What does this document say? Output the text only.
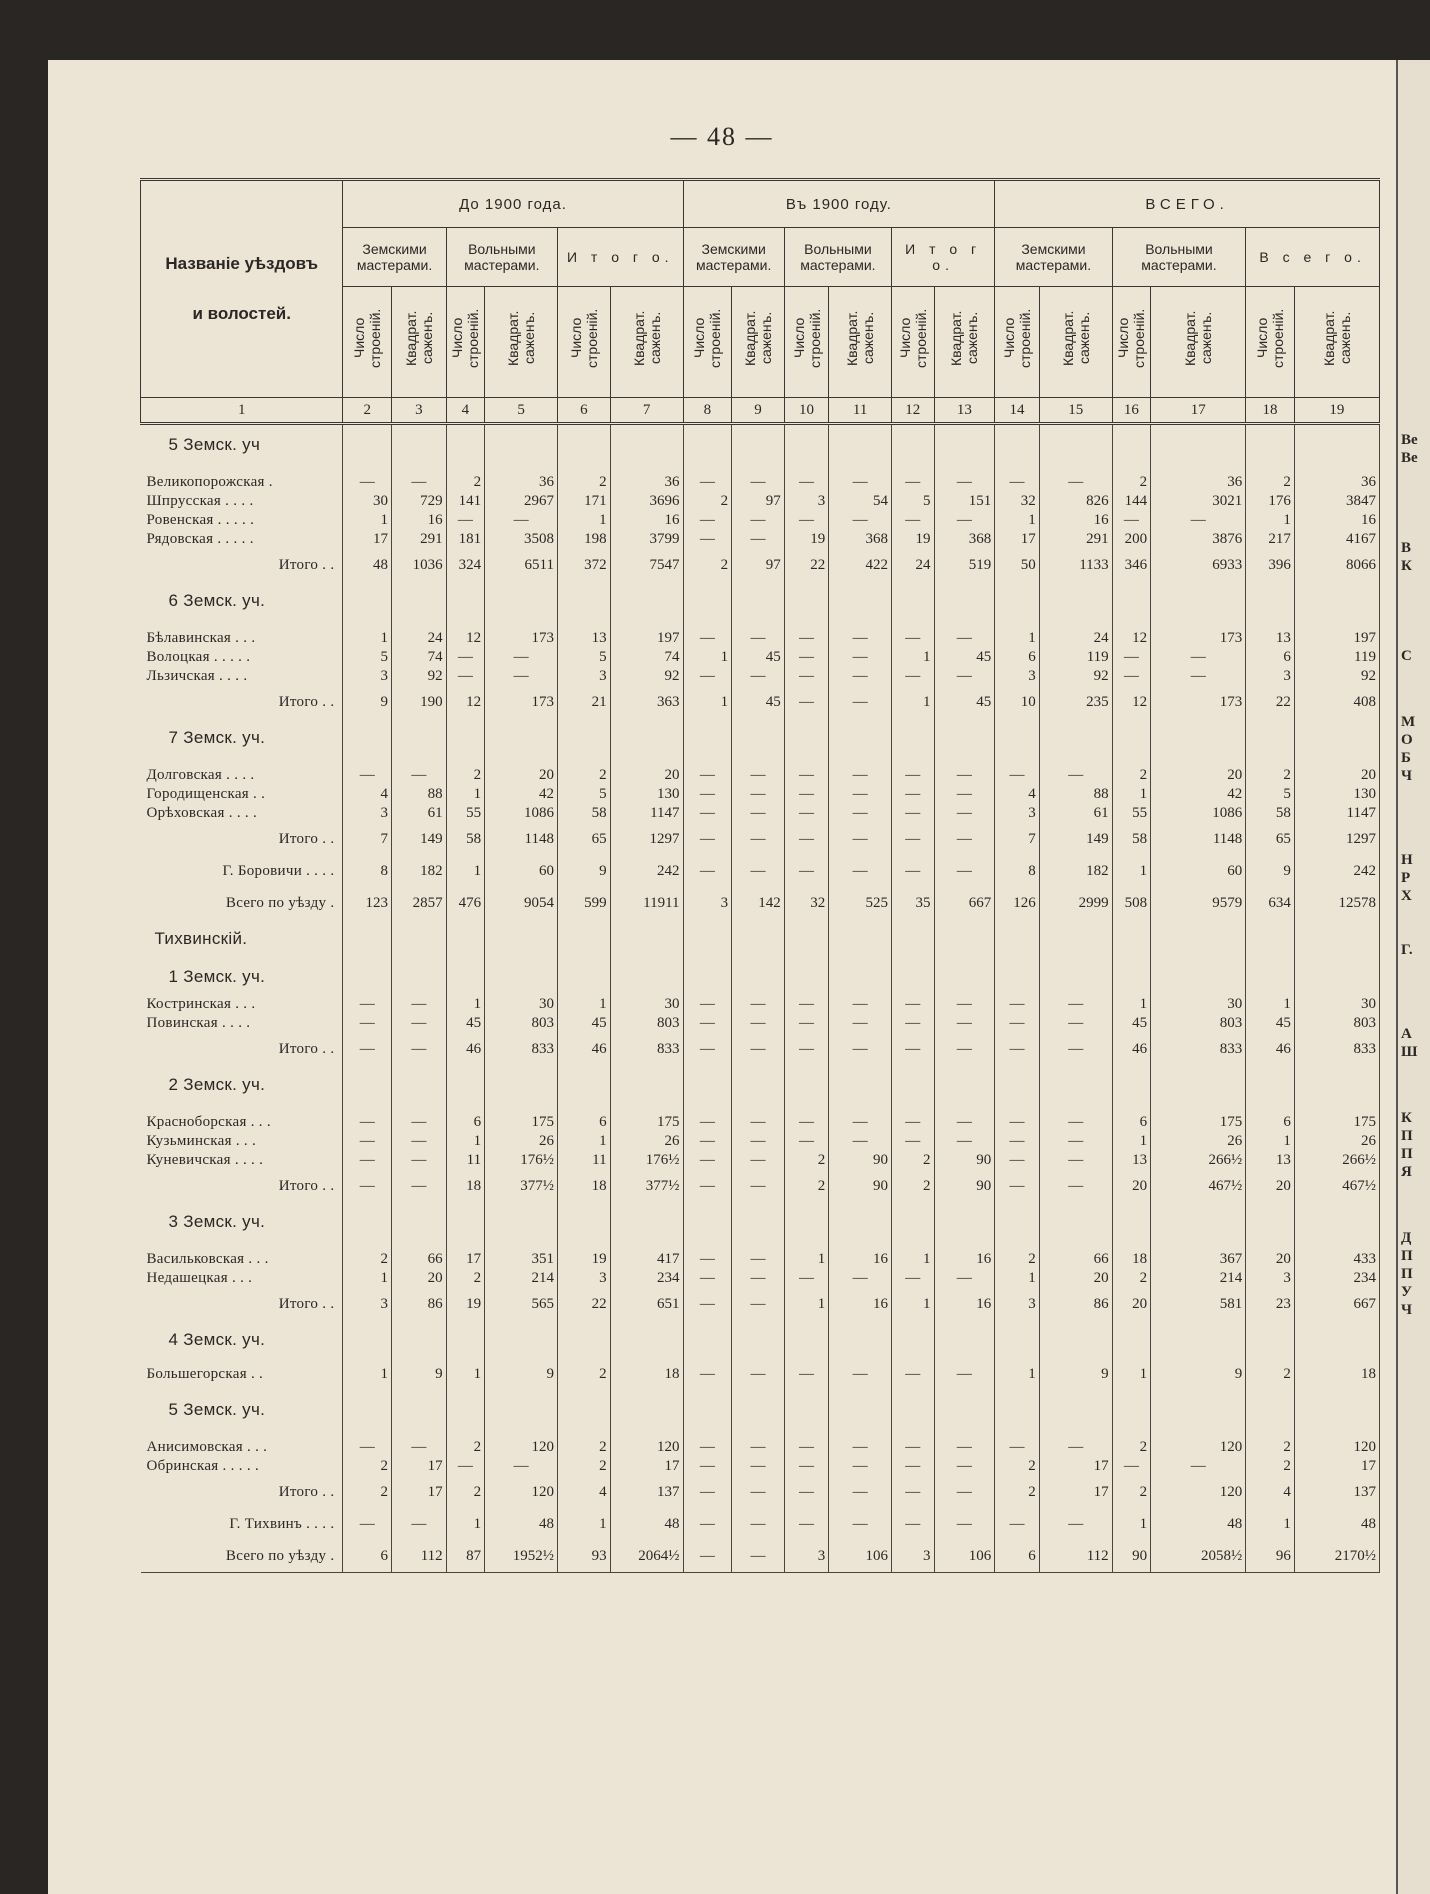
— 48 —
Названіе уѣздовъ
и волостей.	До 1900 года.						Въ 1900 году.						ВСЕГО.					
	Земскими мастерами.		Вольными мастерами.		И т о г о.		Земскими мастерами.		Вольными мастерами.		И т о г о.		Земскими мастерами.		Вольными мастерами.		В с е г о.	
	Число строеній.	Квадрат. саженъ.	Число строеній.	Квадрат. саженъ.	Число строеній.	Квадрат. саженъ.	Число строеній.	Квадрат. саженъ.	Число строеній.	Квадрат. саженъ.	Число строеній.	Квадрат. саженъ.	Число строеній.	Квадрат. саженъ.	Число строеній.	Квадрат. саженъ.	Число строеній.	Квадрат. саженъ.
1	2	3	4	5	6	7	8	9	10	11	12	13	14	15	16	17	18	19
5 Земск. уч																		

Великопорожская .	—	—	2	36	2	36	—	—	—	—	—	—	—	—	2	36	2	36
Шпрусская . . . .	30	729	141	2967	171	3696	2	97	3	54	5	151	32	826	144	3021	176	3847
Ровенская . . . . .	1	16	—	—	1	16	—	—	—	—	—	—	1	16	—	—	1	16
Рядовская . . . . .	17	291	181	3508	198	3799	—	—	19	368	19	368	17	291	200	3876	217	4167
Итого . .	48	1036	324	6511	372	7547	2	97	22	422	24	519	50	1133	346	6933	396	8066
6 Земск. уч.																		

Бѣлавинская . . .	1	24	12	173	13	197	—	—	—	—	—	—	1	24	12	173	13	197
Волоцкая . . . . .	5	74	—	—	5	74	1	45	—	—	1	45	6	119	—	—	6	119
Льзичская . . . .	3	92	—	—	3	92	—	—	—	—	—	—	3	92	—	—	3	92
Итого . .	9	190	12	173	21	363	1	45	—	—	1	45	10	235	12	173	22	408
7 Земск. уч.																		

Долговская . . . .	—	—	2	20	2	20	—	—	—	—	—	—	—	—	2	20	2	20
Городищенская . .	4	88	1	42	5	130	—	—	—	—	—	—	4	88	1	42	5	130
Орѣховская . . . .	3	61	55	1086	58	1147	—	—	—	—	—	—	3	61	55	1086	58	1147
Итого . .	7	149	58	1148	65	1297	—	—	—	—	—	—	7	149	58	1148	65	1297
Г. Боровичи . . . .	8	182	1	60	9	242	—	—	—	—	—	—	8	182	1	60	9	242
Всего по уѣзду .	123	2857	476	9054	599	11911	3	142	32	525	35	667	126	2999	508	9579	634	12578
Тихвинскій.																		
1 Земск. уч.																		
Костринская . . .	—	—	1	30	1	30	—	—	—	—	—	—	—	—	1	30	1	30
Повинская . . . .	—	—	45	803	45	803	—	—	—	—	—	—	—	—	45	803	45	803
Итого . .	—	—	46	833	46	833	—	—	—	—	—	—	—	—	46	833	46	833
2 Земск. уч.																		

Красноборская . . .	—	—	6	175	6	175	—	—	—	—	—	—	—	—	6	175	6	175
Кузьминская . . .	—	—	1	26	1	26	—	—	—	—	—	—	—	—	1	26	1	26
Куневичская . . . .	—	—	11	176½	11	176½	—	—	2	90	2	90	—	—	13	266½	13	266½
Итого . .	—	—	18	377½	18	377½	—	—	2	90	2	90	—	—	20	467½	20	467½
3 Земск. уч.																		

Васильковская . . .	2	66	17	351	19	417	—	—	1	16	1	16	2	66	18	367	20	433
Недашецкая . . .	1	20	2	214	3	234	—	—	—	—	—	—	1	20	2	214	3	234
Итого . .	3	86	19	565	22	651	—	—	1	16	1	16	3	86	20	581	23	667
4 Земск. уч.																		
Большегорская . .	1	9	1	9	2	18	—	—	—	—	—	—	1	9	1	9	2	18
5 Земск. уч.																		

Анисимовская . . .	—	—	2	120	2	120	—	—	—	—	—	—	—	—	2	120	2	120
Обринская . . . . .	2	17	—	—	2	17	—	—	—	—	—	—	2	17	—	—	2	17
Итого . .	2	17	2	120	4	137	—	—	—	—	—	—	2	17	2	120	4	137
Г. Тихвинъ . . . .	—	—	1	48	1	48	—	—	—	—	—	—	—	—	1	48	1	48
Всего по уѣзду .	6	112	87	1952½	93	2064½	—	—	3	106	3	106	6	112	90	2058½	96	2170½
Ве
Ве
В
К
С
М
О
Б
Ч
Н
Р
Х
Г.
А
Ш
К
П
П
Я
Д
П
П
У
Ч
